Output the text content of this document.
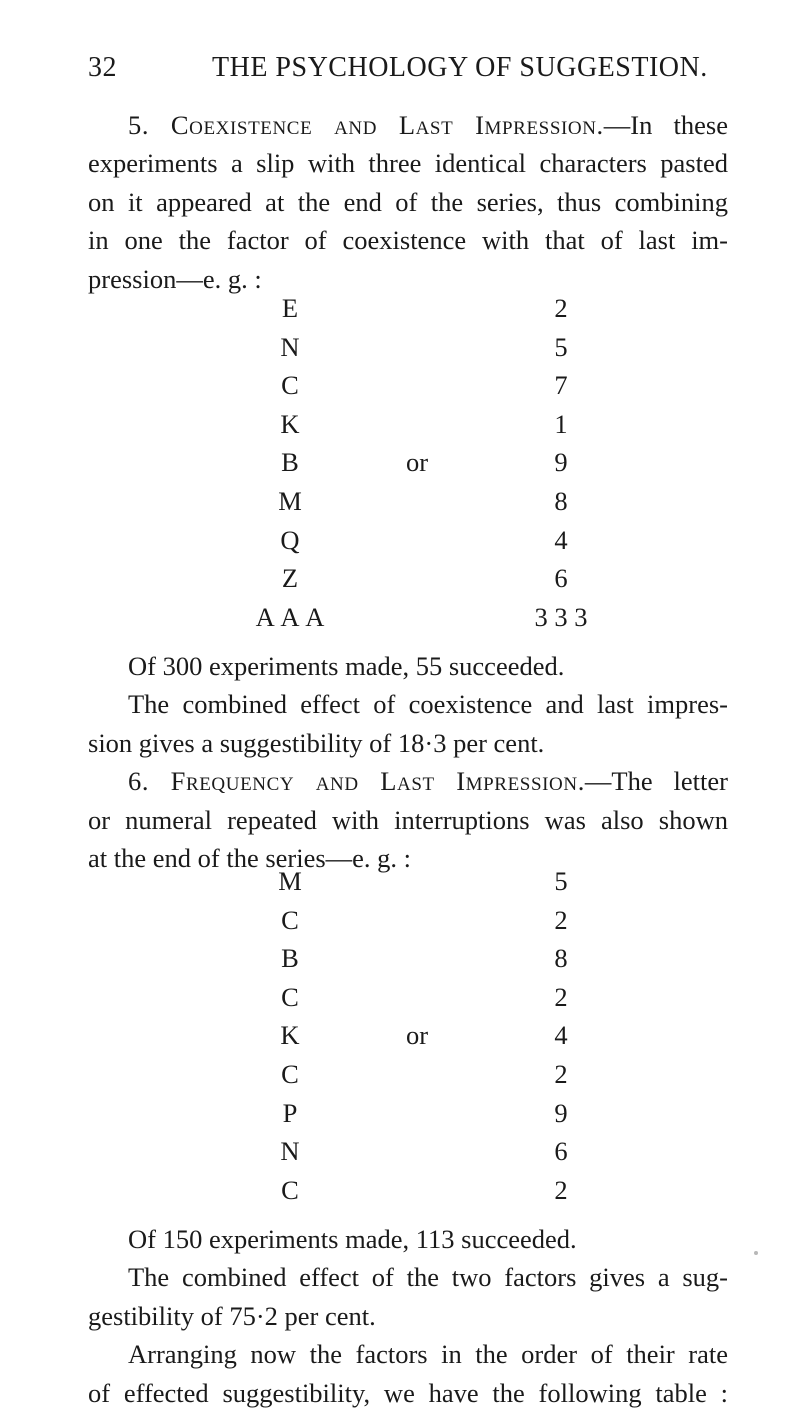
32	THE PSYCHOLOGY OF SUGGESTION.
5. Coexistence and Last Impression.—In these
experiments a slip with three identical characters pasted
on it appeared at the end of the series, thus combining
in one the factor of coexistence with that of last im-
pression—e. g. :
E
N
C
K
B
M
Q
Z
A A A
or
2
5
7
1
9
8
4
6
3 3 3
Of 300 experiments made, 55 succeeded.
The combined effect of coexistence and last impres-
sion gives a suggestibility of 18·3 per cent.
6. Frequency and Last Impression.—The letter
or numeral repeated with interruptions was also shown
at the end of the series—e. g. :
M
C
B
C
K
C
P
N
C
or
5
2
8
2
4
2
9
6
2
Of 150 experiments made, 113 succeeded.
The combined effect of the two factors gives a sug-
gestibility of 75·2 per cent.
Arranging now the factors in the order of their rate
of effected suggestibility, we have the following table :
